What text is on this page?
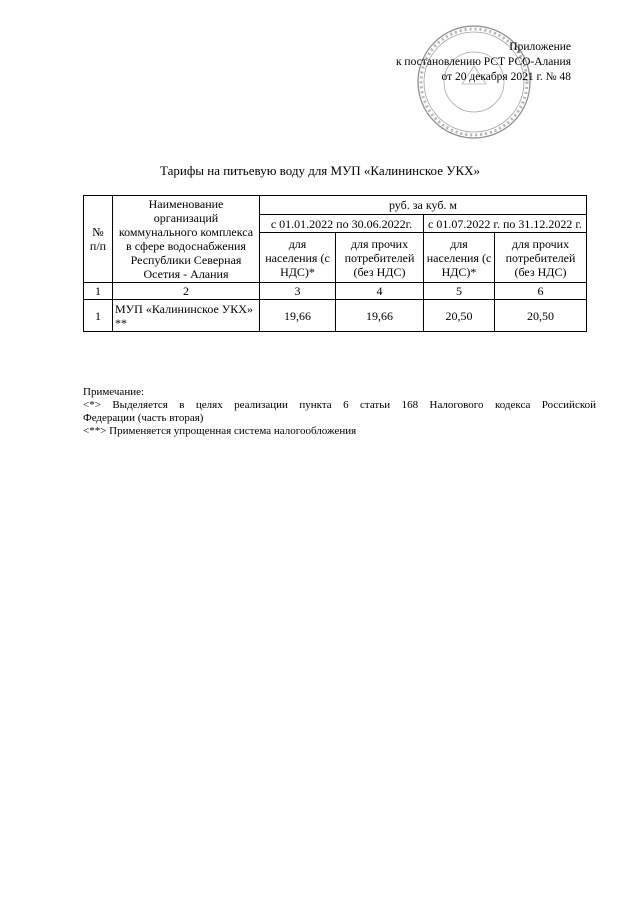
Приложение
к постановлению РСТ РСО-Алания
от 20 декабря 2021 г. № 48
Тарифы на питьевую воду для МУП «Калининское УКХ»
№ п/п	Наименование организаций коммунального комплекса в сфере водоснабжения Республики Северная Осетия - Алания	руб. за куб. м			
		с 01.01.2022 по 30.06.2022г.		с 01.07.2022 г. по 31.12.2022 г.	
		для населения (с НДС)*	для прочих потребителей (без НДС)	для населения (с НДС)*	для прочих потребителей (без НДС)
1	2	3	4	5	6
1	МУП «Калининское УКХ» **	19,66	19,66	20,50	20,50

Примечание:

<*> Выделяется в целях реализации пункта 6 статьи 168 Налогового кодекса Российской

Федерации (часть вторая)

<**> Применяется упрощенная система налогообложения
